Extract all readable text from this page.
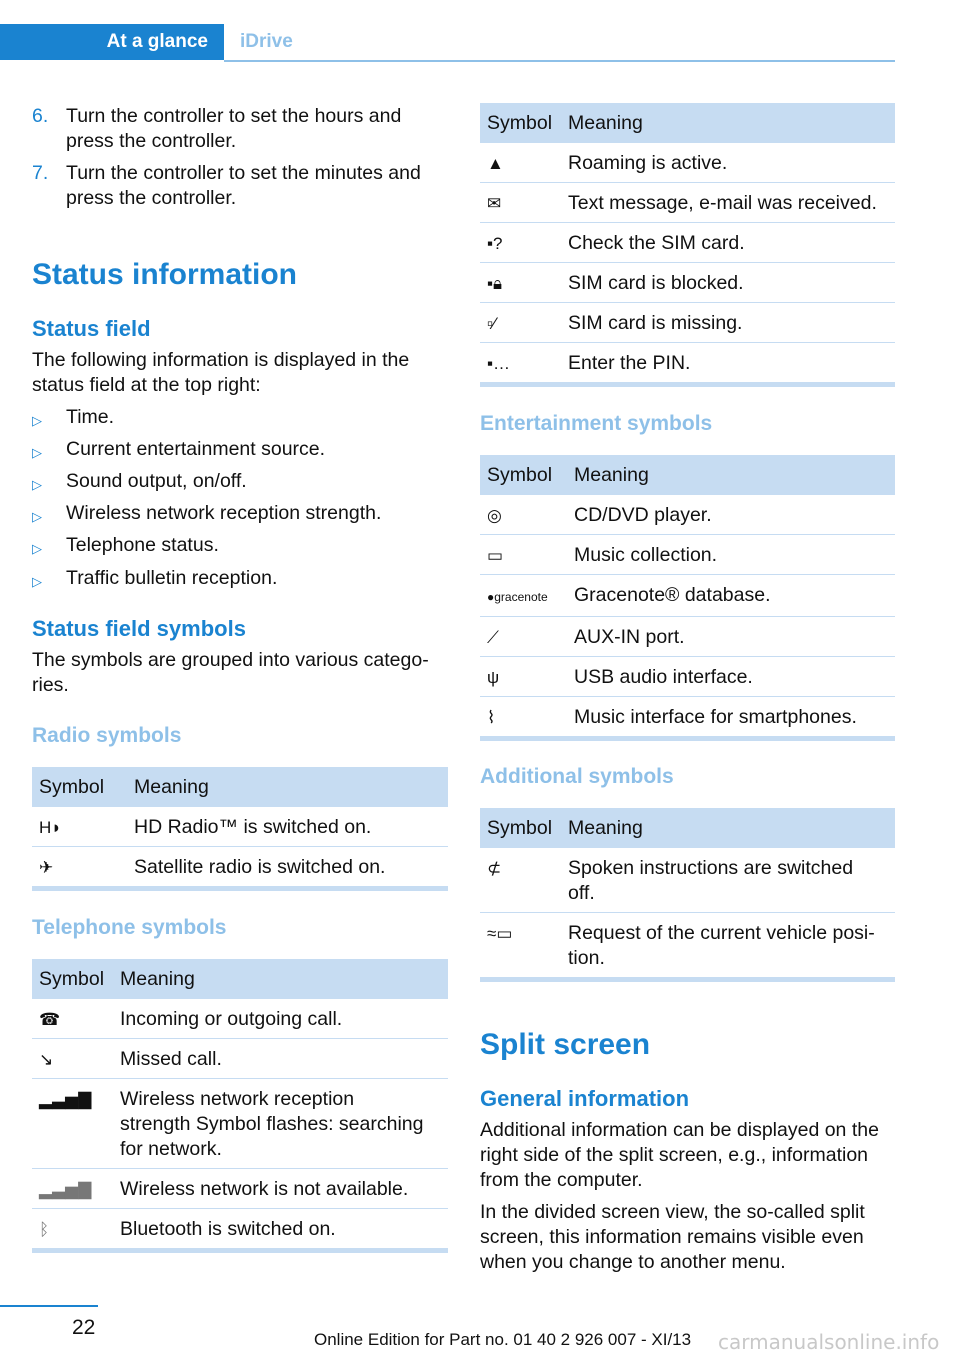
At a glance	iDrive
6. Turn the controller to set the hours and press the controller.
7. Turn the controller to set the minutes and press the controller.
Status information
Status field
The following information is displayed in the status field at the top right:
▷ Time.
▷ Current entertainment source.
▷ Sound output, on/off.
▷ Wireless network reception strength.
▷ Telephone status.
▷ Traffic bulletin reception.
Status field symbols
The symbols are grouped into various catego-
ries.
Radio symbols
Symbol	Meaning
H◗	HD Radio™ is switched on.
✈	Satellite radio is switched on.
Telephone symbols
Symbol	Meaning
☎	Incoming or outgoing call.
↘	Missed call.
▂▃▅▇	Wireless network reception
strength Symbol flashes: searching
for network.
▂▃▅▇	Wireless network is not available.
ᛒ	Bluetooth is switched on.
Symbol	Meaning
▲	Roaming is active.
✉	Text message, e-mail was received.
▪?	Check the SIM card.
▪🔒︎	SIM card is blocked.
▫⁄	SIM card is missing.
▪…	Enter the PIN.
Entertainment symbols
Symbol	Meaning
◎	CD/DVD player.
▭	Music collection.
●gracenote	Gracenote® database.
⟋	AUX-IN port.
ψ	USB audio interface.
⌇	Music interface for smartphones.
Additional symbols
Symbol	Meaning
⊄	Spoken instructions are switched
off.
≈▭	Request of the current vehicle posi-
tion.
Split screen
General information
Additional information can be displayed on the right side of the split screen, e.g., information from the computer.
In the divided screen view, the so-called split screen, this information remains visible even when you change to another menu.
22
Online Edition for Part no. 01 40 2 926 007 - XI/13 carmanualsonline.info
